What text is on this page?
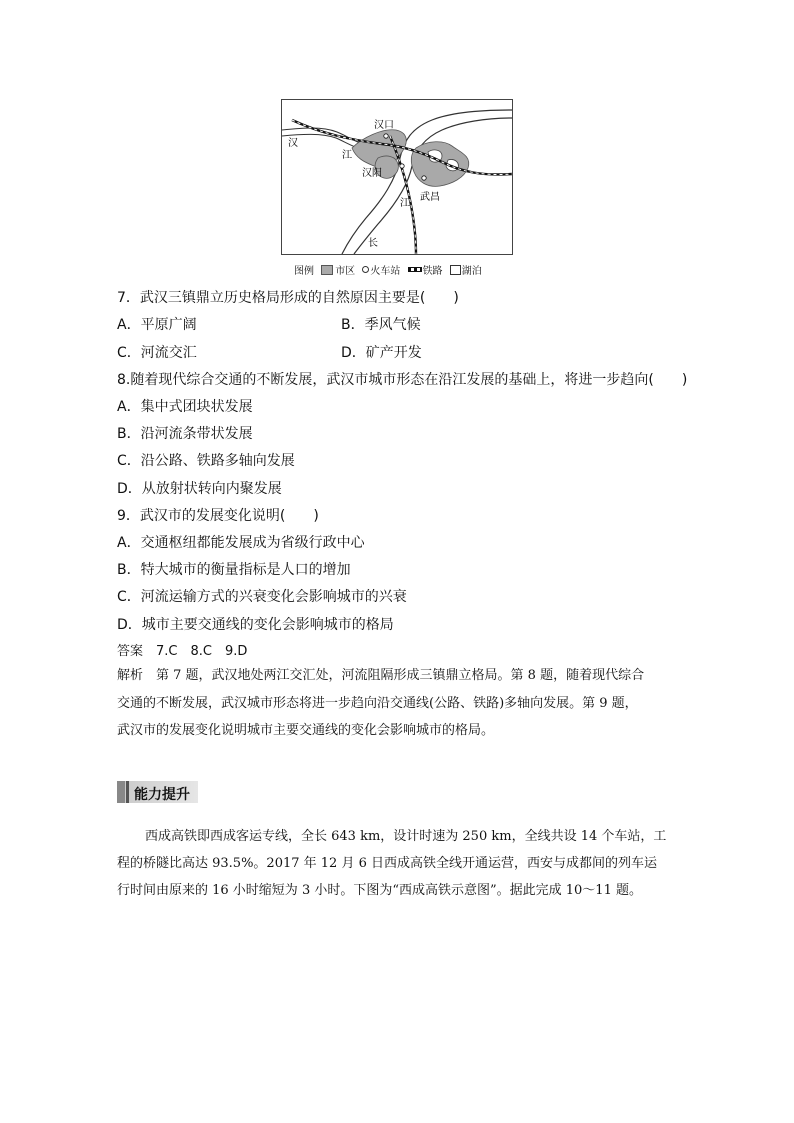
汉
江
汉口
汉阳
武昌
江
长
图例 市区 火车站 铁路 湖泊
7．武汉三镇鼎立历史格局形成的自然原因主要是(　　)
A．平原广阔	B．季风气候
C．河流交汇	D．矿产开发
8.随着现代综合交通的不断发展，武汉市城市形态在沿江发展的基础上，将进一步趋向(　　)
A．集中式团块状发展
B．沿河流条带状发展
C．沿公路、铁路多轴向发展
D．从放射状转向内聚发展
9．武汉市的发展变化说明(　　)
A．交通枢纽都能发展成为省级行政中心
B．特大城市的衡量指标是人口的增加
C．河流运输方式的兴衰变化会影响城市的兴衰
D．城市主要交通线的变化会影响城市的格局
答案　7.C　8.C　9.D
解析　第 7 题，武汉地处两江交汇处，河流阻隔形成三镇鼎立格局。第 8 题，随着现代综合
交通的不断发展，武汉城市形态将进一步趋向沿交通线(公路、铁路)多轴向发展。第 9 题，
武汉市的发展变化说明城市主要交通线的变化会影响城市的格局。
能力提升
西成高铁即西成客运专线，全长 643 km，设计时速为 250 km，全线共设 14 个车站，工
程的桥隧比高达 93.5%。2017 年 12 月 6 日西成高铁全线开通运营，西安与成都间的列车运
行时间由原来的 16 小时缩短为 3 小时。下图为“西成高铁示意图”。据此完成 10～11 题。
